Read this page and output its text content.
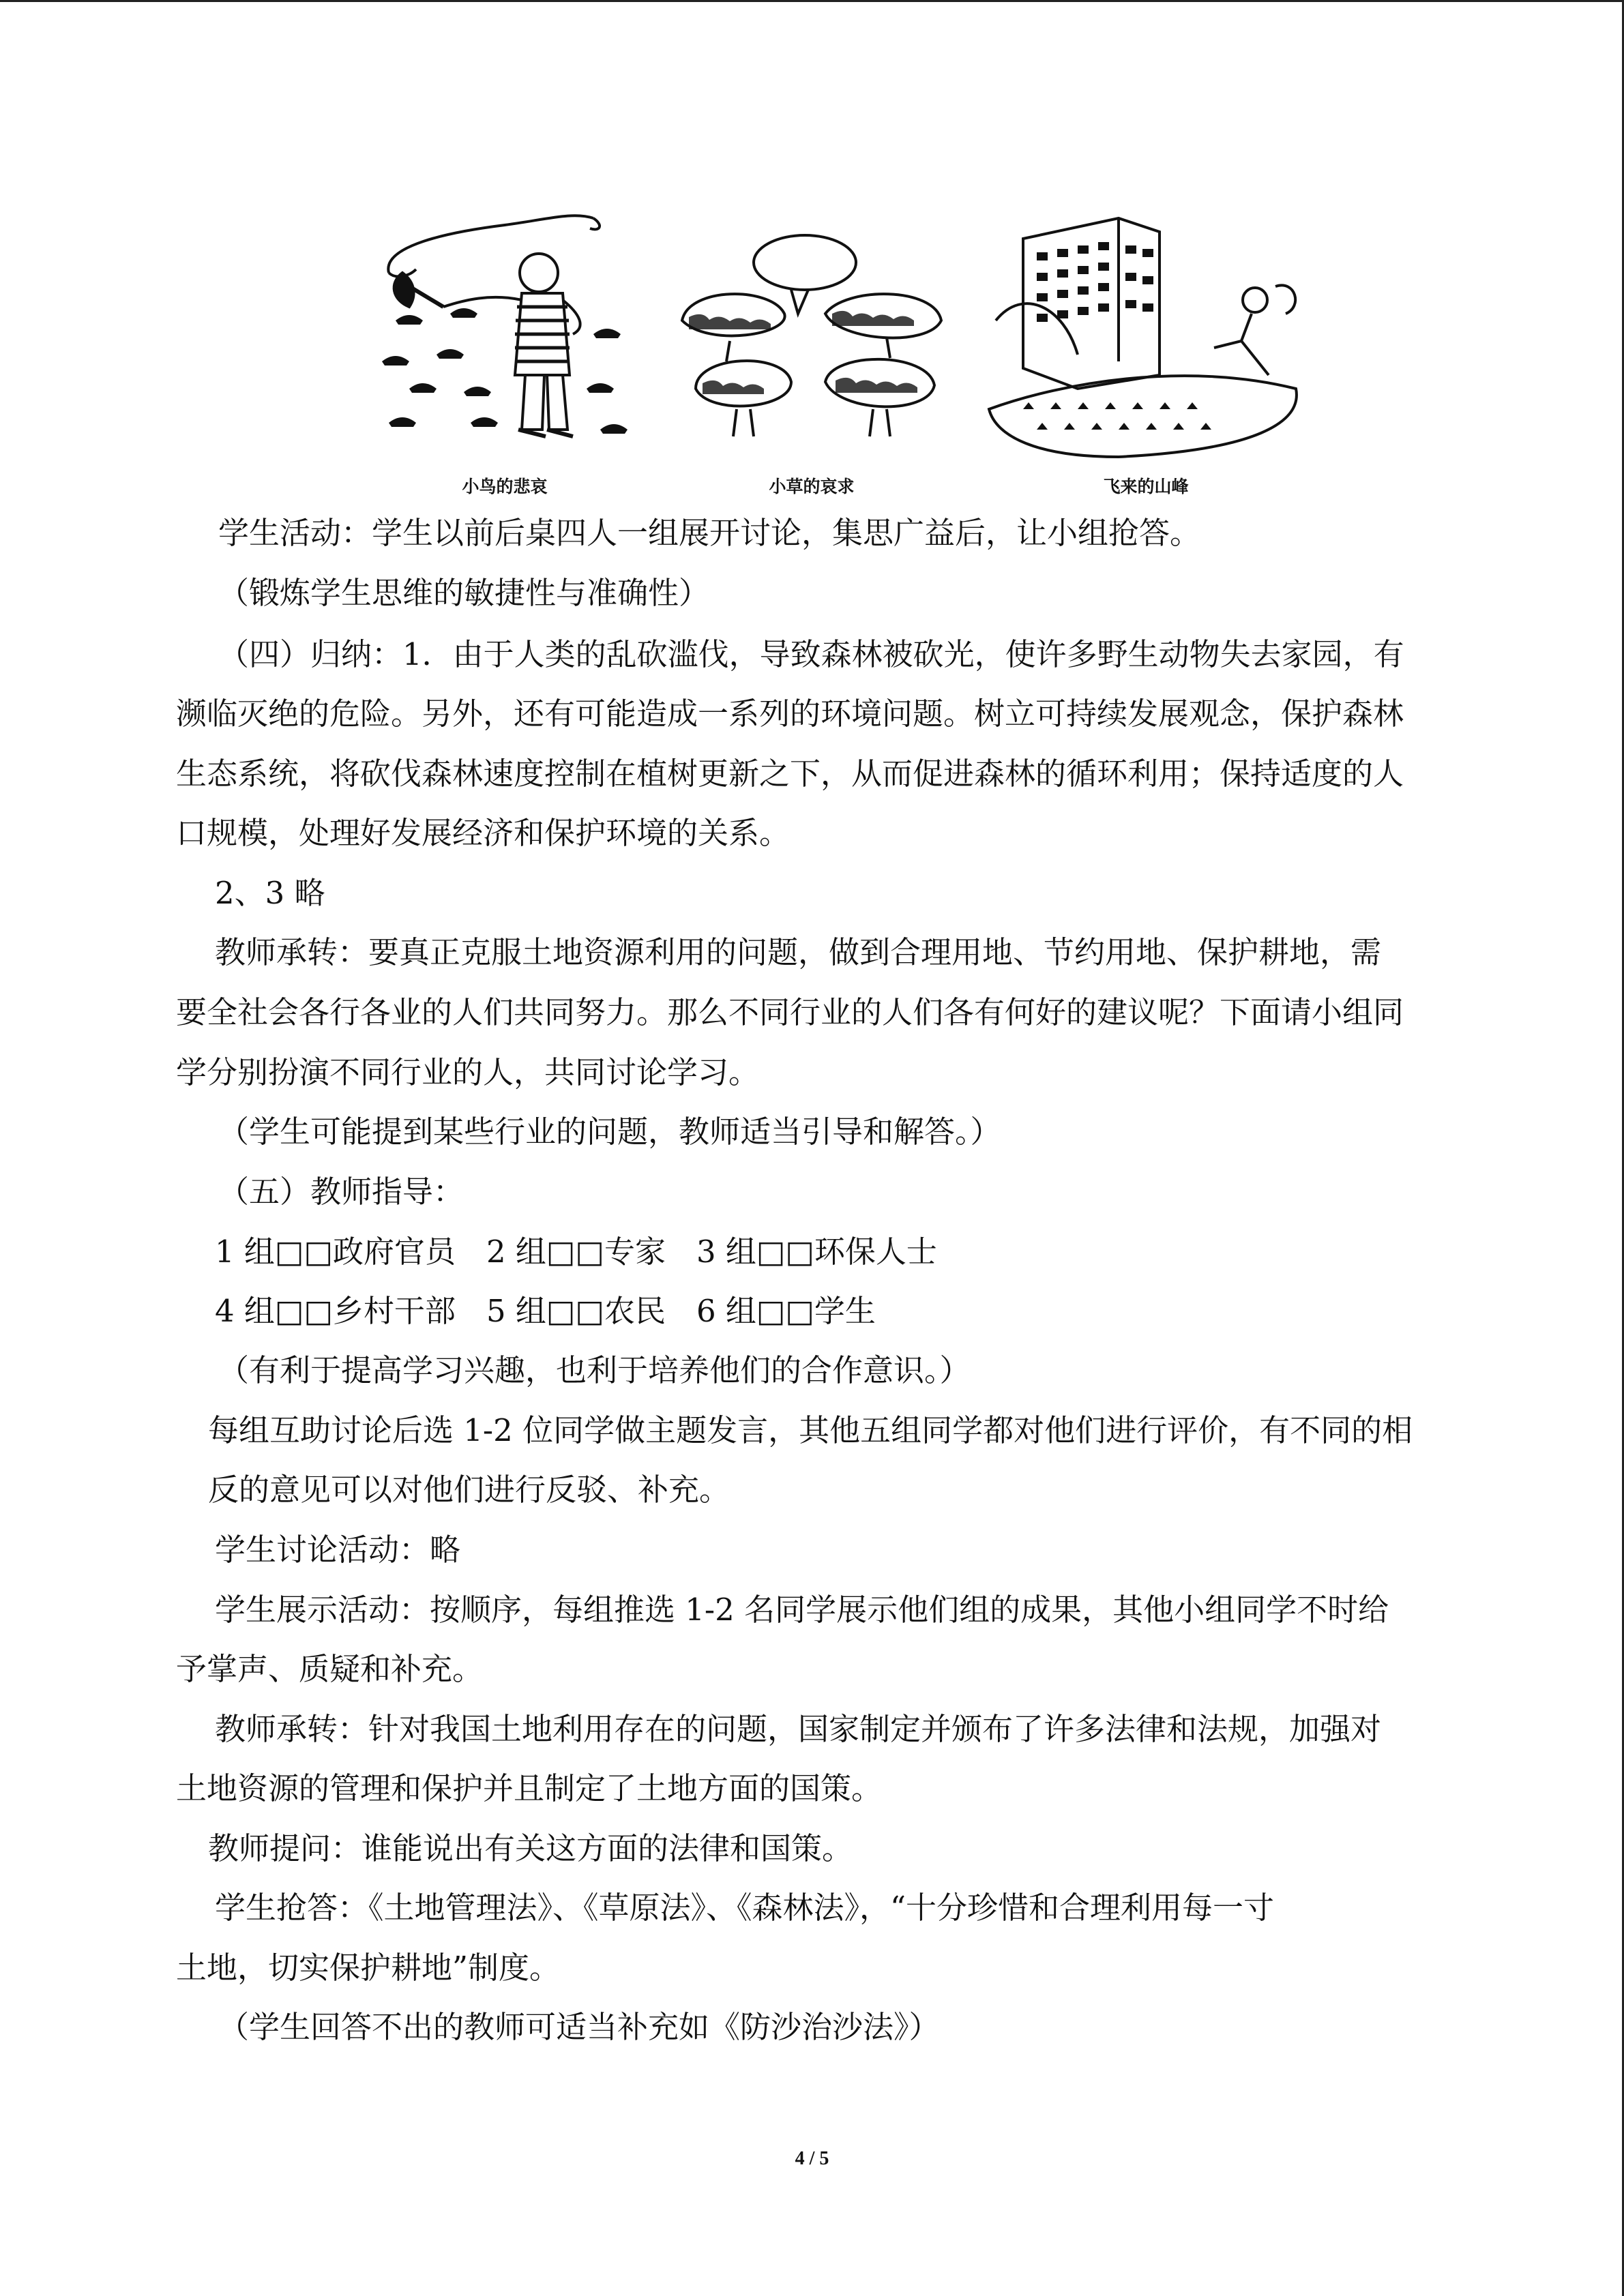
小鸟的悲哀	小草的哀求	飞来的山峰
学生活动：学生以前后桌四人一组展开讨论，集思广益后，让小组抢答。
（锻炼学生思维的敏捷性与准确性）
（四）归纳：1．由于人类的乱砍滥伐，导致森林被砍光，使许多野生动物失去家园，有
濒临灭绝的危险。另外，还有可能造成一系列的环境问题。树立可持续发展观念，保护森林
生态系统，将砍伐森林速度控制在植树更新之下，从而促进森林的循环利用；保持适度的人
口规模，处理好发展经济和保护环境的关系。
2、3 略
教师承转：要真正克服土地资源利用的问题，做到合理用地、节约用地、保护耕地，需
要全社会各行各业的人们共同努力。那么不同行业的人们各有何好的建议呢？下面请小组同
学分别扮演不同行业的人，共同讨论学习。
（学生可能提到某些行业的问题，教师适当引导和解答。）
（五）教师指导：
1 组□□政府官员　2 组□□专家　3 组□□环保人士
4 组□□乡村干部　5 组□□农民　6 组□□学生
（有利于提高学习兴趣，也利于培养他们的合作意识。）
每组互助讨论后选 1-2 位同学做主题发言，其他五组同学都对他们进行评价，有不同的相
反的意见可以对他们进行反驳、补充。
学生讨论活动：略
学生展示活动：按顺序，每组推选 1-2 名同学展示他们组的成果，其他小组同学不时给
予掌声、质疑和补充。
教师承转：针对我国土地利用存在的问题，国家制定并颁布了许多法律和法规，加强对
土地资源的管理和保护并且制定了土地方面的国策。
教师提问：谁能说出有关这方面的法律和国策。
学生抢答：《土地管理法》、《草原法》、《森林法》，“十分珍惜和合理利用每一寸
土地，切实保护耕地”制度。
（学生回答不出的教师可适当补充如《防沙治沙法》）
4 / 5
